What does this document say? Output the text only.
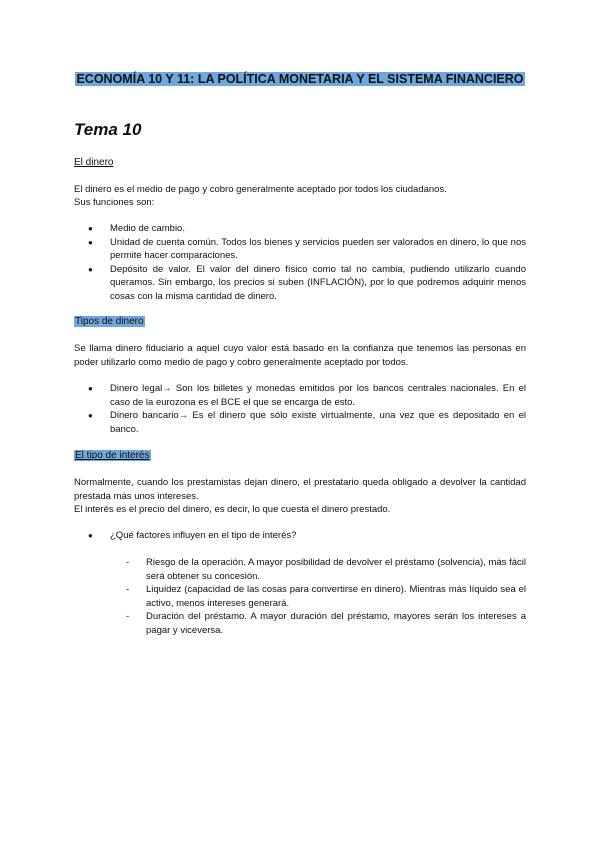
ECONOMÍA 10 Y 11: LA POLÍTICA MONETARIA Y EL SISTEMA FINANCIERO
Tema 10
El dinero
El dinero es el medio de pago y cobro generalmente aceptado por todos los ciudadanos.
Sus funciones son:
● Medio de cambio.
● Unidad de cuenta común. Todos los bienes y servicios pueden ser valorados en dinero, lo que nos permite hacer comparaciones.
● Depósito de valor. El valor del dinero físico como tal no cambia, pudiendo utilizarlo cuando queramos. Sin embargo, los precios si suben (INFLACIÓN), por lo que podremos adquirir menos cosas con la misma cantidad de dinero.
Tipos de dinero
Se llama dinero fiduciario a aquel cuyo valor está basado en la confianza que tenemos las personas en poder utilizarlo como medio de pago y cobro generalmente aceptado por todos.
● Dinero legal→ Son los billetes y monedas emitidos por los bancos centrales nacionales. En el caso de la eurozona es el BCE el que se encarga de esto.
● Dinero bancario→ Es el dinero que sólo existe virtualmente, una vez que es depositado en el banco.
El tipo de interés
Normalmente, cuando los prestamistas dejan dinero, el prestatario queda obligado a devolver la cantidad prestada más unos intereses.
El interés es el precio del dinero, es decir, lo que cuesta el dinero prestado.
● ¿Qué factores influyen en el tipo de interés?
- Riesgo de la operación. A mayor posibilidad de devolver el préstamo (solvencia), más fácil será obtener su concesión.
- Liquidez (capacidad de las cosas para convertirse en dinero). Mientras más líquido sea el activo, menos intereses generará.
- Duración del préstamo. A mayor duración del préstamo, mayores serán los intereses a pagar y viceversa.
